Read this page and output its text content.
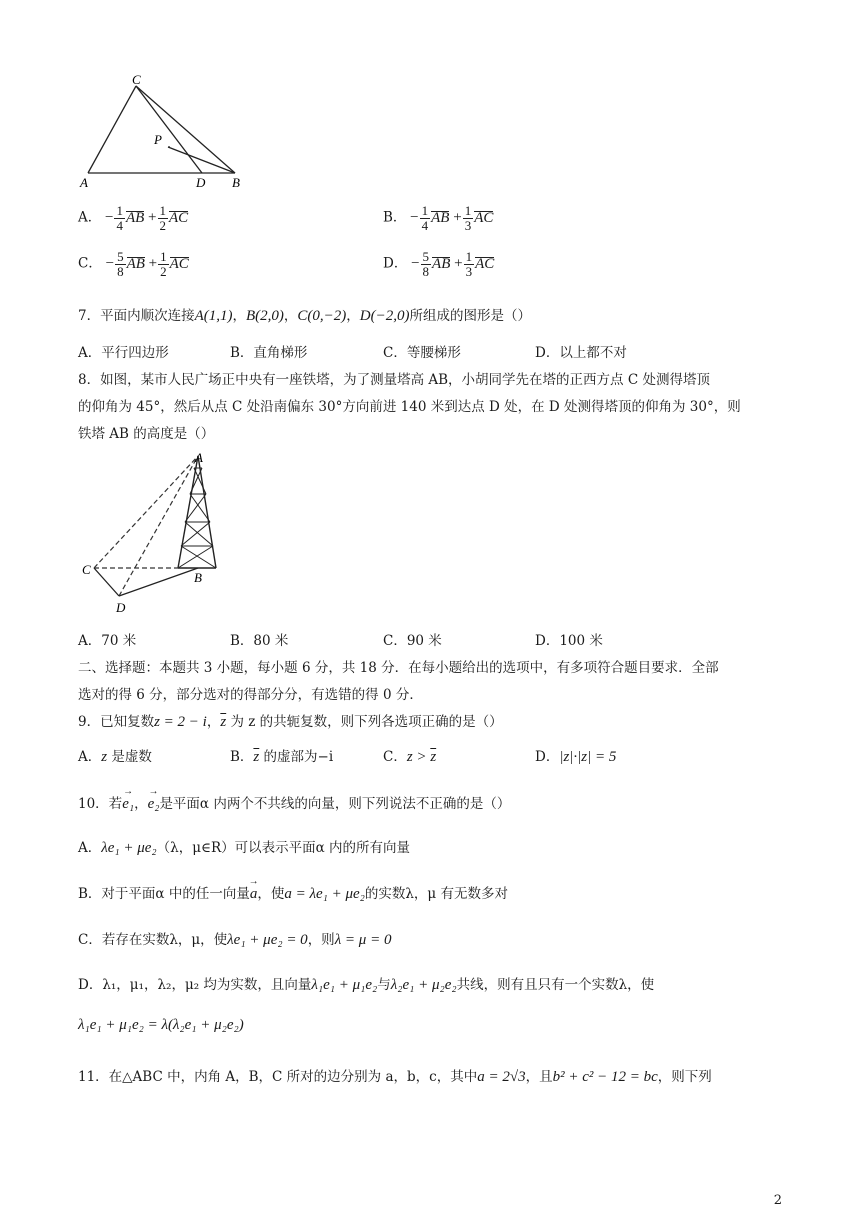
C
P
A	D B
A． − $\frac{1}{4}$ AB + $\frac{1}{2}$ AC	B． − $\frac{1}{4}$ AB + $\frac{1}{3}$ AC
C． − $\frac{5}{8}$ AB + $\frac{1}{2}$ AC	D． − $\frac{5}{8}$ AB + $\frac{1}{3}$ AC
7．平面内顺次连接A(1,1)，B(2,0)，C(0,−2)，D(−2,0)所组成的图形是（）
A．平行四边形	B．直角梯形	C．等腰梯形	D．以上都不对
8．如图，某市人民广场正中央有一座铁塔，为了测量塔高 AB，小胡同学先在塔的正西方点 C 处测得塔顶
的仰角为 45°，然后从点 C 处沿南偏东 30°方向前进 140 米到达点 D 处，在 D 处测得塔顶的仰角为 30°，则
铁塔 AB 的高度是（）
A
C
B
D
A．70 米	B．80 米	C．90 米	D．100 米
二、选择题：本题共 3 小题，每小题 6 分，共 18 分．在每小题给出的选项中，有多项符合题目要求．全部
选对的得 6 分，部分选对的得部分分，有选错的得 0 分．
9．已知复数z = 2 − i，$\overline{z}$ 为 z 的共轭复数，则下列各选项正确的是（）
A．z 是虚数	B．$\overline{z}$ 的虚部为−i	C．$z > \overline{z}$	D．|z|·|z| = 5
10．若e₁ →，e₂ →是平面α 内两个不共线的向量，则下列说法不正确的是（）
A．λe₁ + μe₂（λ，μ∈R）可以表示平面α 内的所有向量
B．对于平面α 中的任一向量a →，使a = λe₁ + μe₂的实数λ，μ 有无数多对
C．若存在实数λ，μ，使λe₁ + μe₂ = 0，则λ = μ = 0
D．λ₁，μ₁，λ₂，μ₂ 均为实数，且向量λ₁e₁ + μ₁e₂与λ₂e₁ + μ₂e₂共线，则有且只有一个实数λ，使
λ₁e₁ + μ₁e₂ = λ(λ₂e₁ + μ₂e₂)
11．在△ABC 中，内角 A，B，C 所对的边分别为 a，b，c，其中a = 2√3，且b² + c² − 12 = bc，则下列
2
